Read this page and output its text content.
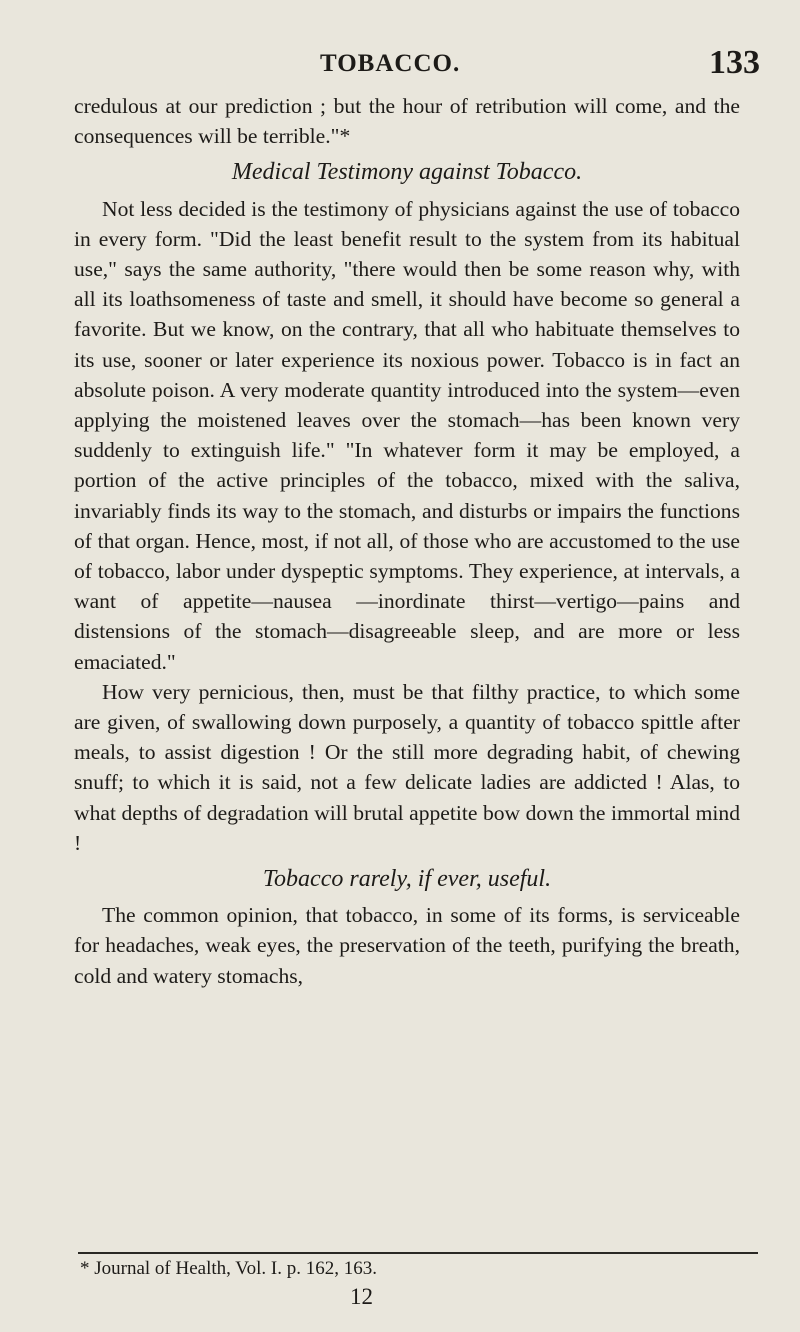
TOBACCO.	133

credulous at our prediction ; but the hour of retribution will come, and the consequences will be terrible."*

Medical Testimony against Tobacco.

Not less decided is the testimony of physicians against the use of tobacco in every form. "Did the least benefit result to the system from its habitual use," says the same authority, "there would then be some reason why, with all its loathsomeness of taste and smell, it should have become so general a favorite. But we know, on the contrary, that all who habituate themselves to its use, sooner or later experience its noxious power. Tobacco is in fact an absolute poison. A very moderate quantity introduced into the system—even applying the moistened leaves over the stomach—has been known very suddenly to extinguish life." "In whatever form it may be employed, a portion of the active principles of the tobacco, mixed with the saliva, invariably finds its way to the stomach, and disturbs or impairs the functions of that organ. Hence, most, if not all, of those who are accustomed to the use of tobacco, labor under dyspeptic symptoms. They experience, at intervals, a want of appetite—nausea —inordinate thirst—vertigo—pains and distensions of the stomach—disagreeable sleep, and are more or less emaciated."

How very pernicious, then, must be that filthy practice, to which some are given, of swallowing down purposely, a quantity of tobacco spittle after meals, to assist digestion ! Or the still more degrading habit, of chewing snuff; to which it is said, not a few delicate ladies are addicted ! Alas, to what depths of degradation will brutal appetite bow down the immortal mind !

Tobacco rarely, if ever, useful.

The common opinion, that tobacco, in some of its forms, is serviceable for headaches, weak eyes, the preservation of the teeth, purifying the breath, cold and watery stomachs,

* Journal of Health, Vol. I. p. 162, 163.
12
